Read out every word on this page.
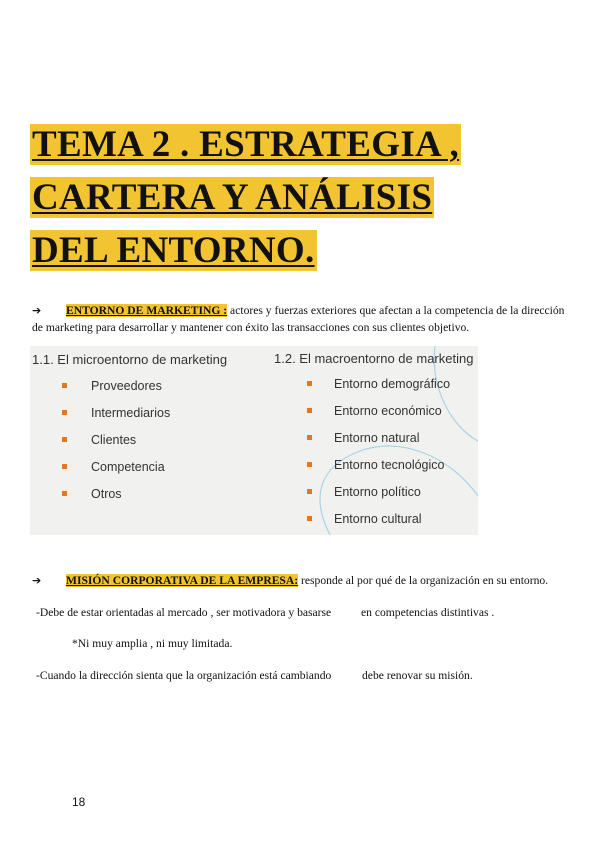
TEMA 2 . ESTRATEGIA , CARTERA Y ANÁLISIS DEL ENTORNO.
➔ ENTORNO DE MARKETING : actores y fuerzas exteriores que afectan a la competencia de la dirección de marketing para desarrollar y mantener con éxito las transacciones con sus clientes objetivo.
1.1. El microentorno de marketing
Proveedores
Intermediarios
Clientes
Competencia
Otros
1.2. El macroentorno de marketing
Entorno demográfico
Entorno económico
Entorno natural
Entorno tecnológico
Entorno político
Entorno cultural
➔ MISIÓN CORPORATIVA DE LA EMPRESA: responde al por qué de la organización en su entorno.
-Debe de estar orientadas al mercado , ser motivadora y basarse	en competencias distintivas .
*Ni muy amplia , ni muy limitada.
-Cuando la dirección sienta que la organización está cambiando	debe renovar su misión.
18
